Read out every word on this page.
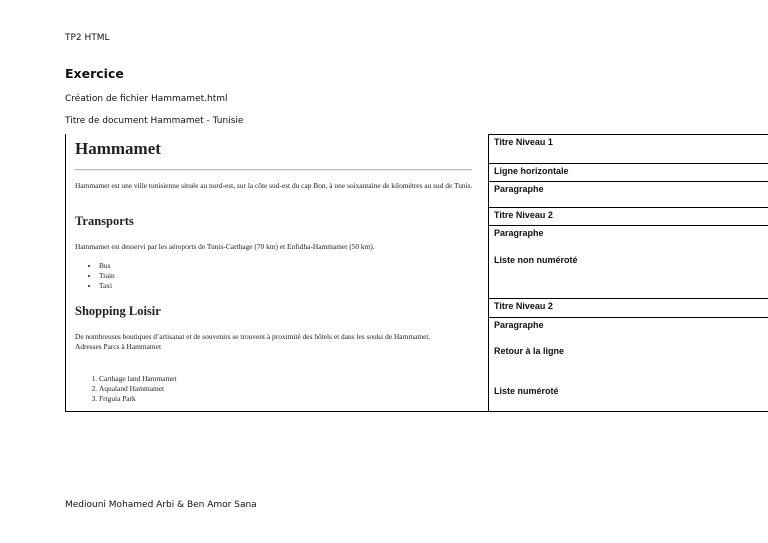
TP2 HTML
Exercice
Création de fichier Hammamet.html
Titre de document Hammamet - Tunisie
Hammamet
Hammamet est une ville tunisienne située au nord-est, sur la côte sud-est du cap Bon, à une soixantaine de kilomètres au sud de Tunis.
Transports
Hammamet est desservi par les aéroports de Tunis-Carthage (70 km) et Enfidha-Hammamet (50 km).
• Bus
• Train
• Taxi
Shopping Loisir
De nombreuses boutiques d’artisanat et de souvenirs se trouvent à proximité des hôtels et dans les souks de Hammamet.
Adresses Parcs à Hammamet
1. Carthage land Hammamet
2. Aqualand Hammamet
3. Friguia Park
Titre Niveau 1
Ligne horizontale
Paragraphe
Titre Niveau 2
Paragraphe
Liste non numéroté
Titre Niveau 2
Paragraphe
Retour à la ligne
Liste numéroté
Mediouni Mohamed Arbi & Ben Amor Sana
